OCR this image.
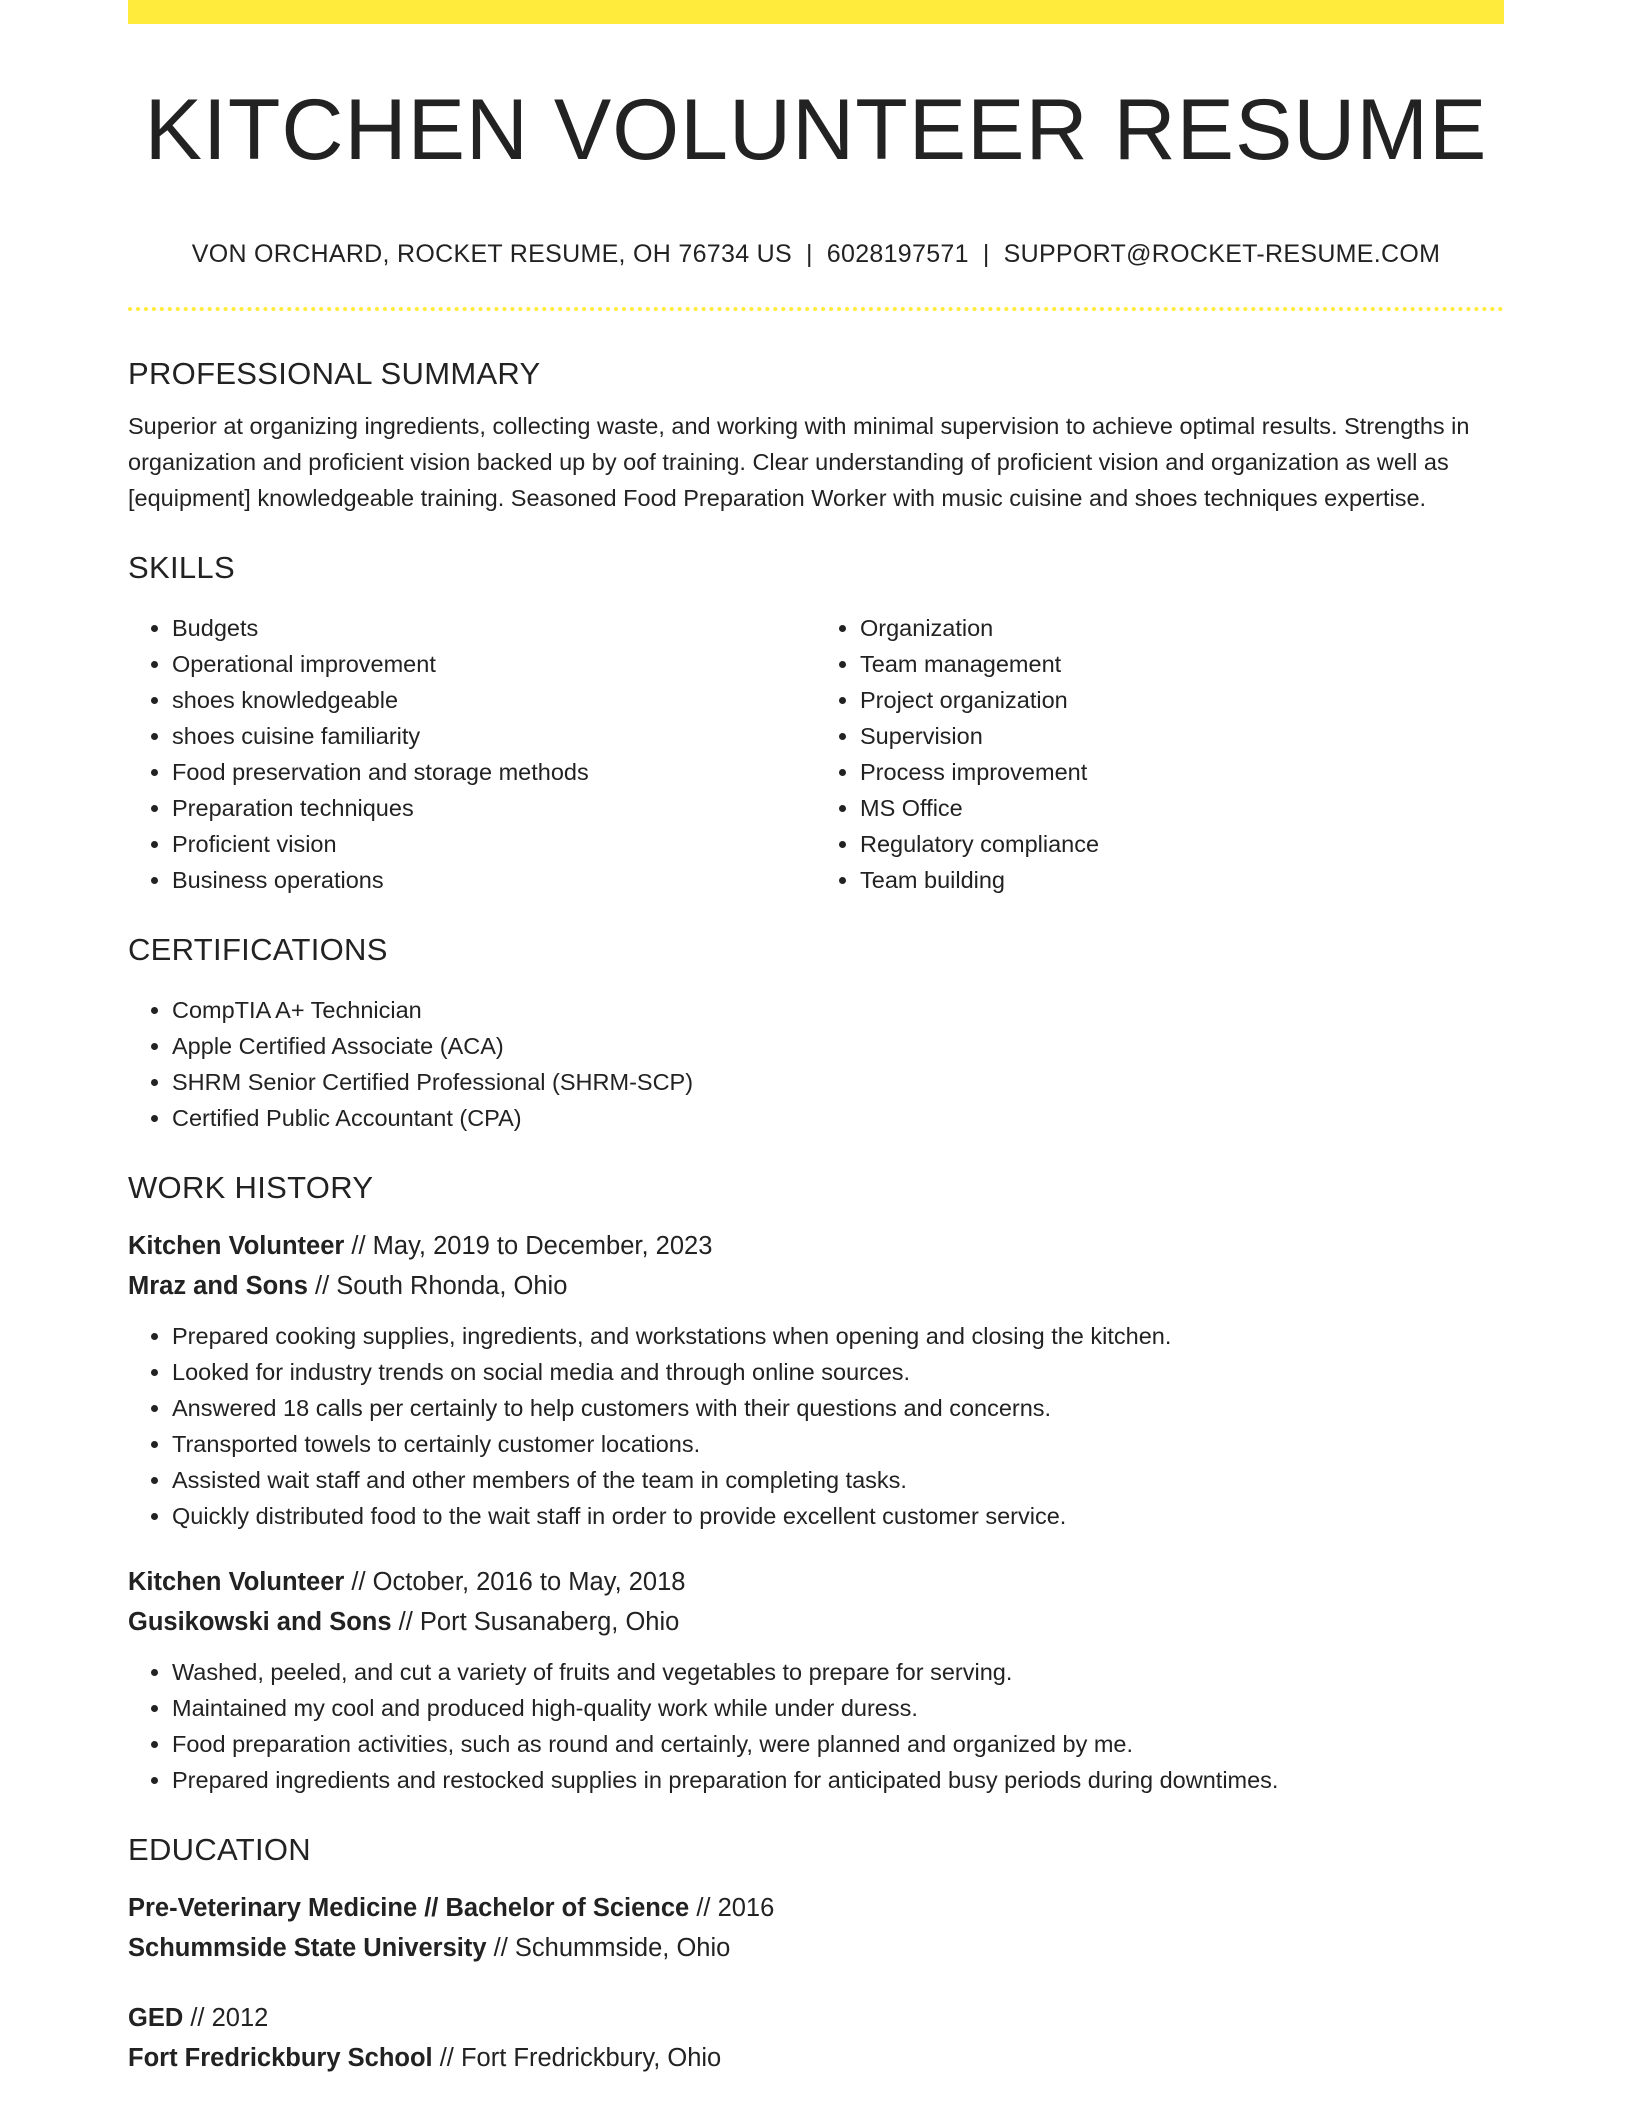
KITCHEN VOLUNTEER RESUME
VON ORCHARD, ROCKET RESUME, OH 76734 US | 6028197571 | SUPPORT@ROCKET-RESUME.COM
PROFESSIONAL SUMMARY

Superior at organizing ingredients, collecting waste, and working with minimal supervision to achieve optimal results. Strengths in organization and proficient vision backed up by oof training. Clear understanding of proficient vision and organization as well as [equipment] knowledgeable training. Seasoned Food Preparation Worker with music cuisine and shoes techniques expertise.

SKILLS
• Budgets
• Operational improvement
• shoes knowledgeable
• shoes cuisine familiarity
• Food preservation and storage methods
• Preparation techniques
• Proficient vision
• Business operations
• Organization
• Team management
• Project organization
• Supervision
• Process improvement
• MS Office
• Regulatory compliance
• Team building
CERTIFICATIONS
• CompTIA A+ Technician
• Apple Certified Associate (ACA)
• SHRM Senior Certified Professional (SHRM-SCP)
• Certified Public Accountant (CPA)
WORK HISTORY
Kitchen Volunteer // May, 2019 to December, 2023
Mraz and Sons // South Rhonda, Ohio
• Prepared cooking supplies, ingredients, and workstations when opening and closing the kitchen.
• Looked for industry trends on social media and through online sources.
• Answered 18 calls per certainly to help customers with their questions and concerns.
• Transported towels to certainly customer locations.
• Assisted wait staff and other members of the team in completing tasks.
• Quickly distributed food to the wait staff in order to provide excellent customer service.
Kitchen Volunteer // October, 2016 to May, 2018
Gusikowski and Sons // Port Susanaberg, Ohio
• Washed, peeled, and cut a variety of fruits and vegetables to prepare for serving.
• Maintained my cool and produced high-quality work while under duress.
• Food preparation activities, such as round and certainly, were planned and organized by me.
• Prepared ingredients and restocked supplies in preparation for anticipated busy periods during downtimes.
EDUCATION
Pre-Veterinary Medicine // Bachelor of Science // 2016
Schummside State University // Schummside, Ohio
GED // 2012
Fort Fredrickbury School // Fort Fredrickbury, Ohio
